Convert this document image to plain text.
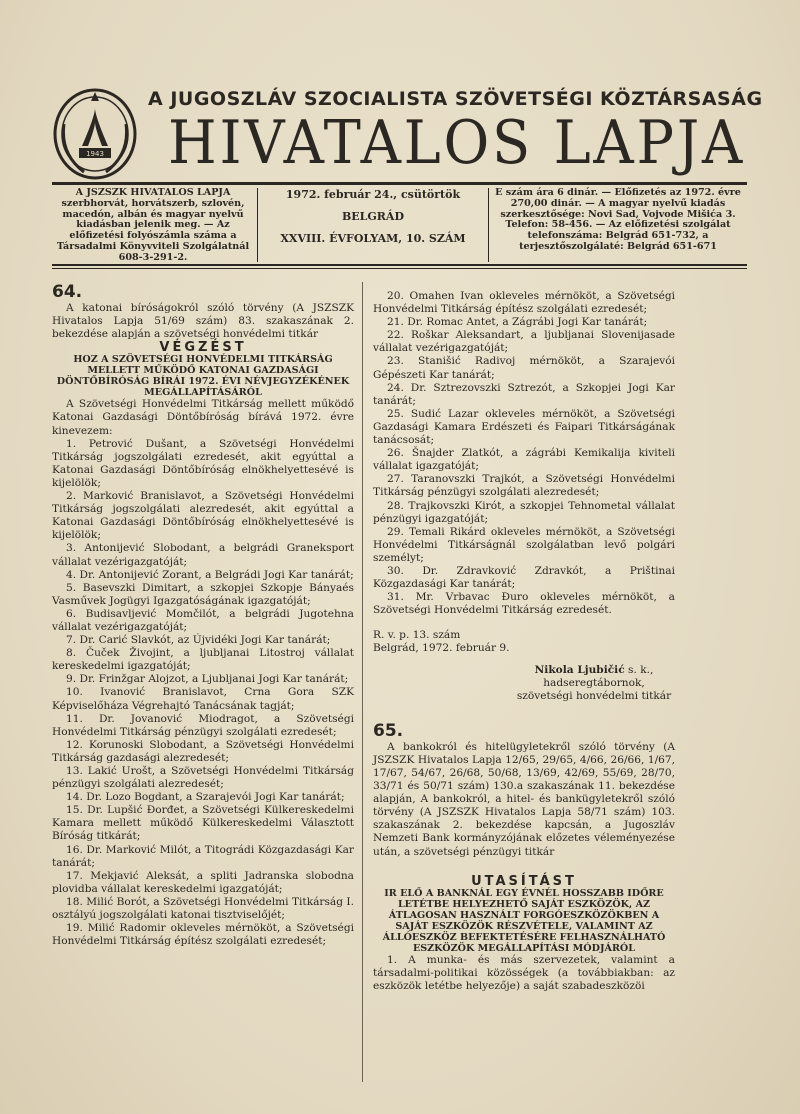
1943
A JUGOSZLÁV SZOCIALISTA SZÖVETSÉGI KÖZTÁRSASÁG
HIVATALOS LAPJA
A JSZSZK HIVATALOS LAPJA szerbhorvát, horvátszerb, szlovén, macedón, albán és magyar nyelvű kiadásban jelenik meg. — Az előfizetési folyószámla száma a Társadalmi Könyvviteli Szolgálatnál 608-3-291-2.
1972. február 24., csütörtök
BELGRÁD
XXVIII. ÉVFOLYAM, 10. SZÁM
E szám ára 6 dinár. — Előfizetés az 1972. évre 270,00 dinár. — A magyar nyelvű kiadás szerkesztősége: Novi Sad, Vojvode Mišića 3. Telefon: 58-456. — Az előfizetési szolgálat telefonszáma: Belgrád 651-732, a terjesztőszolgálaté: Belgrád 651-671

64.

A katonai bíróságokról szóló törvény (A JSZSZK Hivatalos Lapja 51/69 szám) 83. szakaszának 2. bekezdése alapján a szövetségi honvédelmi titkár

VÉGZÉST

HOZ A SZÖVETSÉGI HONVÉDELMI TITKÁRSÁG MELLETT MŰKÖDŐ KATONAI GAZDASÁGI DÖNTŐBÍRÓSÁG BÍRÁI 1972. ÉVI NÉVJEGYZÉKÉNEK MEGÁLLAPÍTÁSÁRÓL

A Szövetségi Honvédelmi Titkárság mellett működő Katonai Gazdasági Döntőbíróság bírává 1972. évre kinevezem:

1. Petrović Dušant, a Szövetségi Honvédelmi Titkárság jogszolgálati ezredesét, akit egyúttal a Katonai Gazdasági Döntőbíróság elnökhelyettesévé is kijelölök;

2. Marković Branislavot, a Szövetségi Honvédelmi Titkárság jogszolgálati alezredesét, akit egyúttal a Katonai Gazdasági Döntőbíróság elnökhelyettesévé is kijelölök;

3. Antonijević Slobodant, a belgrádi Graneksport vállalat vezérigazgatóját;

4. Dr. Antonijević Zorant, a Belgrádi Jogi Kar tanárát;

5. Basevszki Dimitart, a szkopjei Szkopje Bányaés Vasművek Jogügyi Igazgatóságának igazgatóját;

6. Budisavljević Momčilót, a belgrádi Jugotehna vállalat vezérigazgatóját;

7. Dr. Carić Slavkót, az Újvidéki Jogi Kar tanárát;

8. Čuček Živojint, a ljubljanai Litostroj vállalat kereskedelmi igazgatóját;

9. Dr. Frinžgar Alojzot, a Ljubljanai Jogi Kar tanárát;

10. Ivanović Branislavot, Crna Gora SZK Képviselőháza Végrehajtó Tanácsának tagját;

11. Dr. Jovanović Miodragot, a Szövetségi Honvédelmi Titkárság pénzügyi szolgálati ezredesét;

12. Korunoski Slobodant, a Szövetségi Honvédelmi Titkárság gazdasági alezredesét;

13. Lakić Urošt, a Szövetségi Honvédelmi Titkárság pénzügyi szolgálati alezredesét;

14. Dr. Lozo Bogdant, a Szarajevói Jogi Kar tanárát;

15. Dr. Lupšić Đorđet, a Szövetségi Külkereskedelmi Kamara mellett működő Külkereskedelmi Választott Bíróság titkárát;

16. Dr. Marković Milót, a Titográdi Közgazdasági Kar tanárát;

17. Mekjavić Aleksát, a spliti Jadranska slobodna plovidba vállalat kereskedelmi igazgatóját;

18. Milić Borót, a Szövetségi Honvédelmi Titkárság I. osztályú jogszolgálati katonai tisztviselőjét;

19. Milić Radomir okleveles mérnököt, a Szövetségi Honvédelmi Titkárság építész szolgálati ezredesét;

20. Omahen Ivan okleveles mérnököt, a Szövetségi Honvédelmi Titkárság építész szolgálati ezredesét;

21. Dr. Romac Antet, a Zágrábi Jogi Kar tanárát;

22. Roškar Aleksandart, a ljubljanai Slovenijasade vállalat vezérigazgatóját;

23. Stanišić Radivoj mérnököt, a Szarajevói Gépészeti Kar tanárát;

24. Dr. Sztrezovszki Sztrezót, a Szkopjei Jogi Kar tanárát;

25. Sudić Lazar okleveles mérnököt, a Szövetségi Gazdasági Kamara Erdészeti és Faipari Titkárságának tanácsosát;

26. Šnajder Zlatkót, a zágrábi Kemikalija kiviteli vállalat igazgatóját;

27. Taranovszki Trajkót, a Szövetségi Honvédelmi Titkárság pénzügyi szolgálati alezredesét;

28. Trajkovszki Kirót, a szkopjei Tehnometal vállalat pénzügyi igazgatóját;

29. Temali Rikárd okleveles mérnököt, a Szövetségi Honvédelmi Titkárságnál szolgálatban levő polgári személyt;

30. Dr. Zdravković Zdravkót, a Prištinai Közgazdasági Kar tanárát;

31. Mr. Vrbavac Đuro okleveles mérnököt, a Szövetségi Honvédelmi Titkárság ezredesét.

R. v. p. 13. szám

Belgrád, 1972. február 9.

Nikola Ljubičić s. k.,
hadseregtábornok,
szövetségi honvédelmi titkár

65.

A bankokról és hitelügyletekről szóló törvény (A JSZSZK Hivatalos Lapja 12/65, 29/65, 4/66, 26/66, 1/67, 17/67, 54/67, 26/68, 50/68, 13/69, 42/69, 55/69, 28/70, 33/71 és 50/71 szám) 130.a szakaszának 11. bekezdése alapján, A bankokról, a hitel- és bankügyletekről szóló törvény (A JSZSZK Hivatalos Lapja 58/71 szám) 103. szakaszának 2. bekezdése kapcsán, a Jugoszláv Nemzeti Bank kormányzójának előzetes véleményezése után, a szövetségi pénzügyi titkár

UTASÍTÁST

IR ELŐ A BANKNÁL EGY ÉVNÉL HOSSZABB IDŐRE LETÉTBE HELYEZHETŐ SAJÁT ESZKÖZÖK, AZ ÁTLAGOSAN HASZNÁLT FORGÓESZKÖZÖKBEN A SAJÁT ESZKÖZÖK RÉSZVÉTELE, VALAMINT AZ ÁLLÓESZKÖZ BEFEKTETÉSÉRE FELHASZNÁLHATÓ ESZKÖZÖK MEGÁLLAPÍTÁSI MÓDJÁRÓL

1. A munka- és más szervezetek, valamint a társadalmi-politikai közösségek (a továbbiakban: az eszközök letétbe helyezője) a saját szabadeszközöi
